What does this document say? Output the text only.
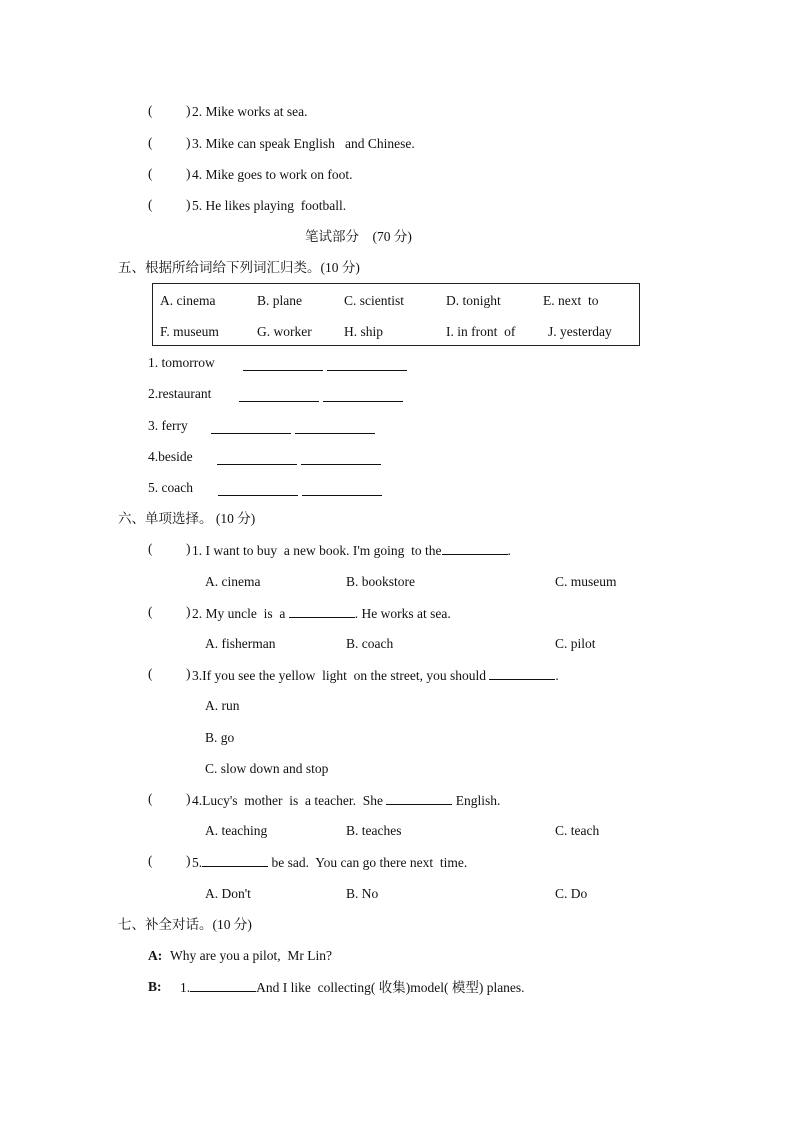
( ) 2. Mike works at sea.
( ) 3. Mike can speak English   and Chinese.
( ) 4. Mike goes to work on foot.
( ) 5. He likes playing  football.
笔试部分    (70 分)
五、根据所给词给下列词汇归类。(10 分)
A. cinema	B. plane	C. scientist	D. tonight	E. next  to
F. museum	G. worker H. ship	I. in front  of J. yesterday
1. tomorrow
2.restaurant
3. ferry
4.beside
5. coach
六、单项选择。 (10 分)
( ) 1. I want to buy  a new book. I'm going  to the	.
A. cinema	B. bookstore	C. museum
( ) 2. My uncle  is  a	. He works at sea.
A. fisherman	B. coach	C. pilot
( ) 3.If you see the yellow  light  on the street, you should	.
A. run
B. go
C. slow down and stop
( ) 4.Lucy's  mother  is  a teacher.  She	English.
A. teaching	B. teaches	C. teach
( ) 5.	be sad.  You can go there next  time.
A. Don't	B. No	C. Do
七、补全对话。(10 分)
A: Why are you a pilot,  Mr Lin?
B: 1.	And I like  collecting( 收集)model( 模型) planes.
